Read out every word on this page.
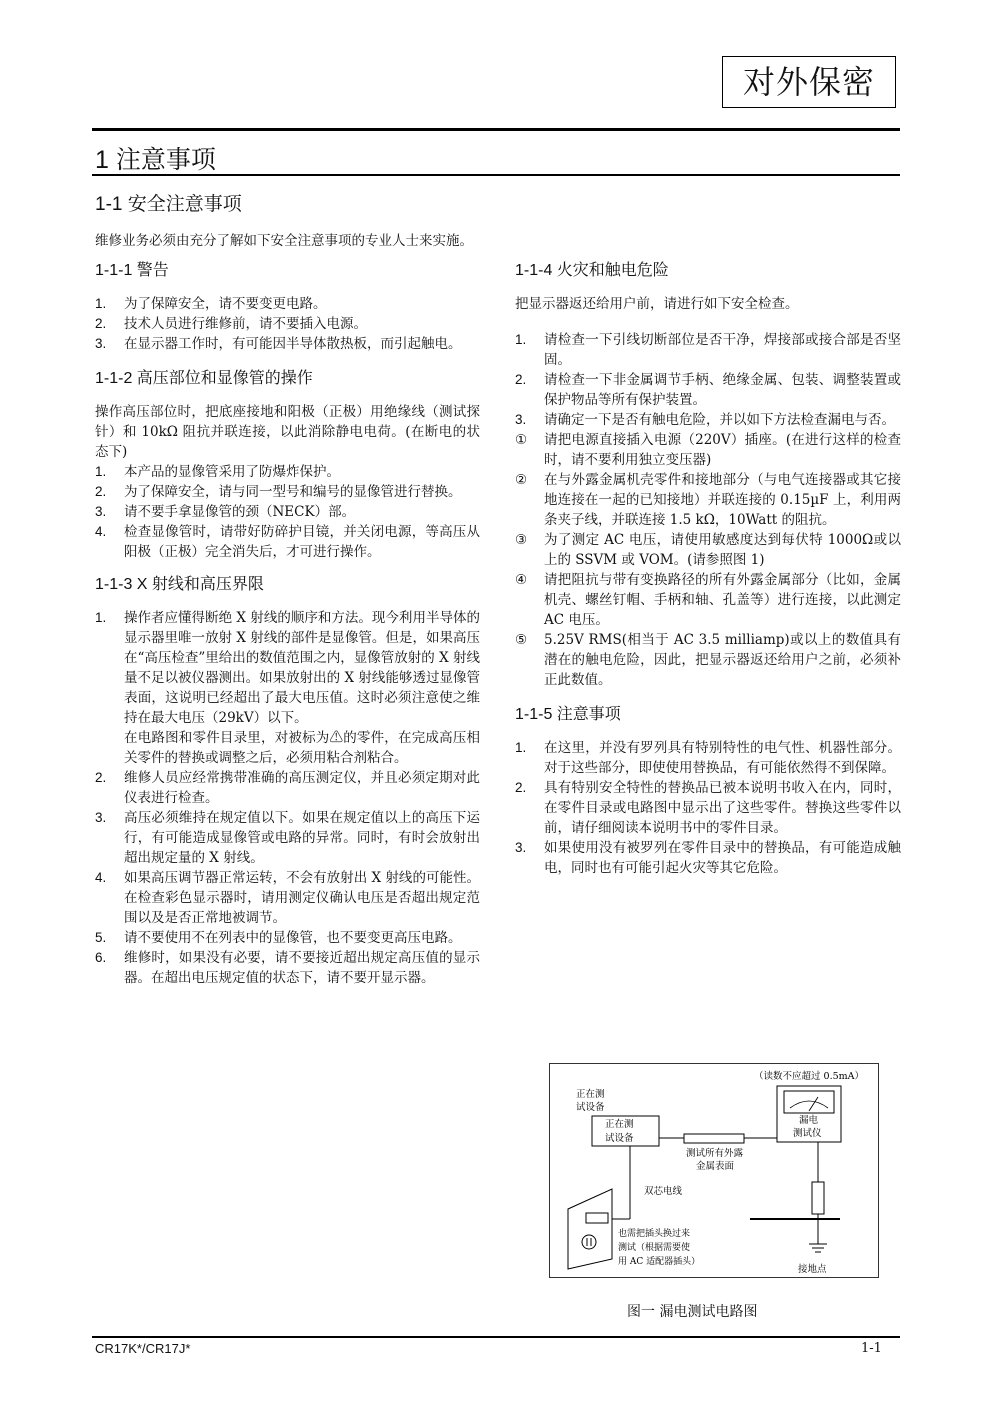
对外保密
1 注意事项
1-1 安全注意事项
维修业务必须由充分了解如下安全注意事项的专业人士来实施。

1-1-1 警告

1. 为了保障安全，请不要变更电路。
2. 技术人员进行维修前，请不要插入电源。
3. 在显示器工作时，有可能因半导体散热板，而引起触电。

1-1-2 高压部位和显像管的操作

操作高压部位时，把底座接地和阳极（正极）用绝缘线（测试探针）和 10kΩ 阻抗并联连接，以此消除静电电荷。(在断电的状态下)

1. 本产品的显像管采用了防爆炸保护。
2. 为了保障安全，请与同一型号和编号的显像管进行替换。
3. 请不要手拿显像管的颈（NECK）部。
4. 检查显像管时，请带好防碎护目镜，并关闭电源，等高压从阳极（正极）完全消失后，才可进行操作。

1-1-3 X 射线和高压界限

1. 操作者应懂得断绝 X 射线的顺序和方法。现今利用半导体的显示器里唯一放射 X 射线的部件是显像管。但是，如果高压在“高压检查”里给出的数值范围之内，显像管放射的 X 射线量不足以被仪器测出。如果放射出的 X 射线能够透过显像管表面，这说明已经超出了最大电压值。这时必须注意使之维持在最大电压（29kV）以下。
在电路图和零件目录里，对被标为⚠的零件，在完成高压相关零件的替换或调整之后，必须用粘合剂粘合。
2. 维修人员应经常携带准确的高压测定仪，并且必须定期对此仪表进行检查。
3. 高压必须维持在规定值以下。如果在规定值以上的高压下运行，有可能造成显像管或电路的异常。同时，有时会放射出超出规定量的 X 射线。
4. 如果高压调节器正常运转，不会有放射出 X 射线的可能性。在检查彩色显示器时，请用测定仪确认电压是否超出规定范围以及是否正常地被调节。
5. 请不要使用不在列表中的显像管，也不要变更高压电路。
6. 维修时，如果没有必要，请不要接近超出规定高压值的显示器。在超出电压规定值的状态下，请不要开显示器。

1-1-4 火灾和触电危险

把显示器返还给用户前，请进行如下安全检查。

1. 请检查一下引线切断部位是否干净，焊接部或接合部是否坚固。
2. 请检查一下非金属调节手柄、绝缘金属、包装、调整装置或保护物品等所有保护装置。
3. 请确定一下是否有触电危险，并以如下方法检查漏电与否。
① 请把电源直接插入电源（220V）插座。(在进行这样的检查时，请不要利用独立变压器)
② 在与外露金属机壳零件和接地部分（与电气连接器或其它接地连接在一起的已知接地）并联连接的 0.15µF 上，利用两条夹子线，并联连接 1.5 kΩ，10Watt 的阻抗。
③ 为了测定 AC 电压，请使用敏感度达到每伏特 1000Ω或以上的 SSVM 或 VOM。(请参照图 1)
④ 请把阻抗与带有变换路径的所有外露金属部分（比如，金属机壳、螺丝钉帽、手柄和轴、孔盖等）进行连接，以此测定 AC 电压。
⑤ 5.25V RMS(相当于 AC 3.5 milliamp)或以上的数值具有潜在的触电危险，因此，把显示器返还给用户之前，必须补正此数值。

1-1-5 注意事项

1. 在这里，并没有罗列具有特别特性的电气性、机器性部分。对于这些部分，即使使用替换品，有可能依然得不到保障。
2. 具有特别安全特性的替换品已被本说明书收入在内，同时，在零件目录或电路图中显示出了这些零件。替换这些零件以前，请仔细阅读本说明书中的零件目录。
3. 如果使用没有被罗列在零件目录中的替换品，有可能造成触电，同时也有可能引起火灾等其它危险。
（读数不应超过 0.5mA）
正在测
试设备
正在测
试设备
漏电
测试仪
测试所有外露
金属表面
双芯电线
也需把插头换过来
测试（根据需要使
用 AC 适配器插头）
接地点
图一 漏电测试电路图
CR17K*/CR17J*	1-1
